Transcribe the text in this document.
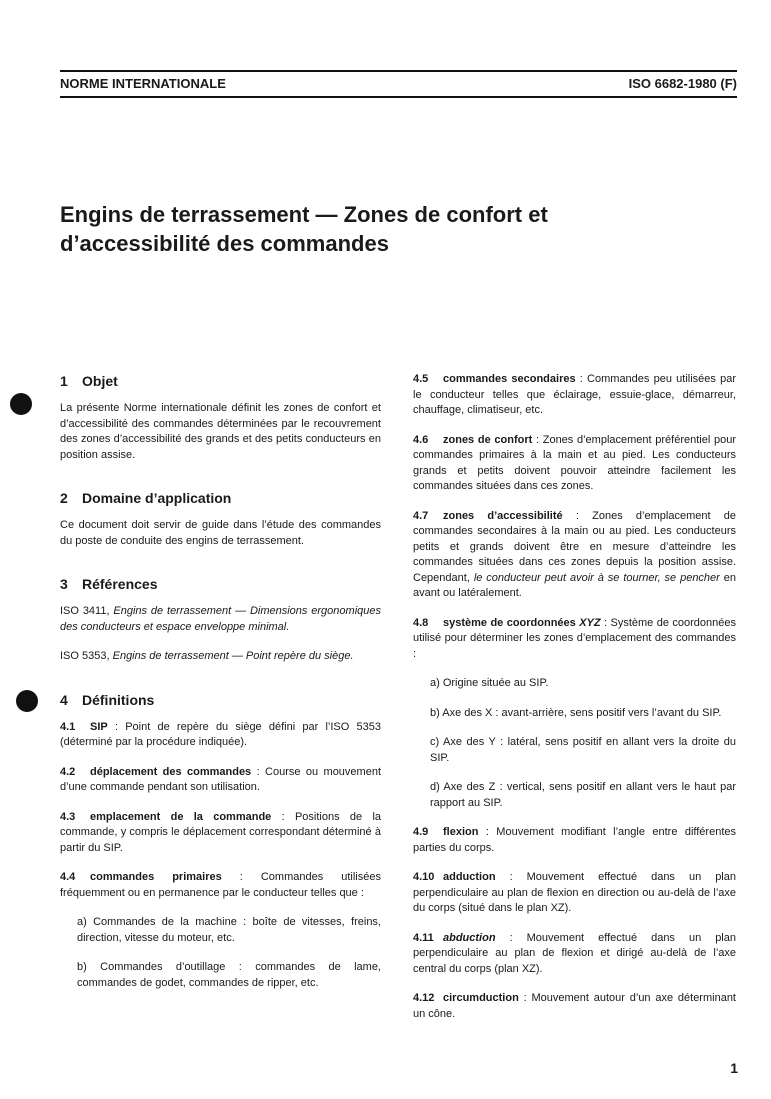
NORME INTERNATIONALE	ISO 6682-1980 (F)
Engins de terrassement — Zones de confort et
d’accessibilité des commandes
1 Objet

La présente Norme internationale définit les zones de confort et d’accessibilité des commandes déterminées par le recouvrement des zones d’accessibilité des grands et des petits conducteurs en position assise.

2 Domaine d’application

Ce document doit servir de guide dans l’étude des commandes du poste de conduite des engins de terrassement.

3 Références

ISO 3411, Engins de terrassement — Dimensions ergonomiques des conducteurs et espace enveloppe minimal.

ISO 5353, Engins de terrassement — Point repère du siège.

4 Définitions

4.1 SIP : Point de repère du siège défini par l’ISO 5353 (déterminé par la procédure indiquée).

4.2 déplacement des commandes : Course ou mouvement d’une commande pendant son utilisation.

4.3 emplacement de la commande : Positions de la commande, y compris le déplacement correspondant déterminé à partir du SIP.

4.4 commandes primaires : Commandes utilisées fréquemment ou en permanence par le conducteur telles que :

a) Commandes de la machine : boîte de vitesses, freins, direction, vitesse du moteur, etc.

b) Commandes d’outillage : commandes de lame, commandes de godet, commandes de ripper, etc.

4.5 commandes secondaires : Commandes peu utilisées par le conducteur telles que éclairage, essuie-glace, démarreur, chauffage, climatiseur, etc.

4.6 zones de confort : Zones d’emplacement préférentiel pour commandes primaires à la main et au pied. Les conducteurs grands et petits doivent pouvoir atteindre facilement les commandes situées dans ces zones.

4.7 zones d’accessibilité : Zones d’emplacement de commandes secondaires à la main ou au pied. Les conducteurs petits et grands doivent être en mesure d’atteindre les commandes situées dans ces zones depuis la position assise. Cependant, le conducteur peut avoir à se tourner, se pencher en avant ou latéralement.

4.8 système de coordonnées XYZ : Système de coordonnées utilisé pour déterminer les zones d’emplacement des commandes :

a) Origine située au SIP.

b) Axe des X : avant-arrière, sens positif vers l’avant du SIP.

c) Axe des Y : latéral, sens positif en allant vers la droite du SIP.

d) Axe des Z : vertical, sens positif en allant vers le haut par rapport au SIP.

4.9 flexion : Mouvement modifiant l’angle entre différentes parties du corps.

4.10 adduction : Mouvement effectué dans un plan perpendiculaire au plan de flexion en direction ou au-delà de l’axe du corps (situé dans le plan XZ).

4.11 abduction : Mouvement effectué dans un plan perpendiculaire au plan de flexion et dirigé au-delà de l’axe central du corps (plan XZ).

4.12 circumduction : Mouvement autour d’un axe déterminant un cône.

1
